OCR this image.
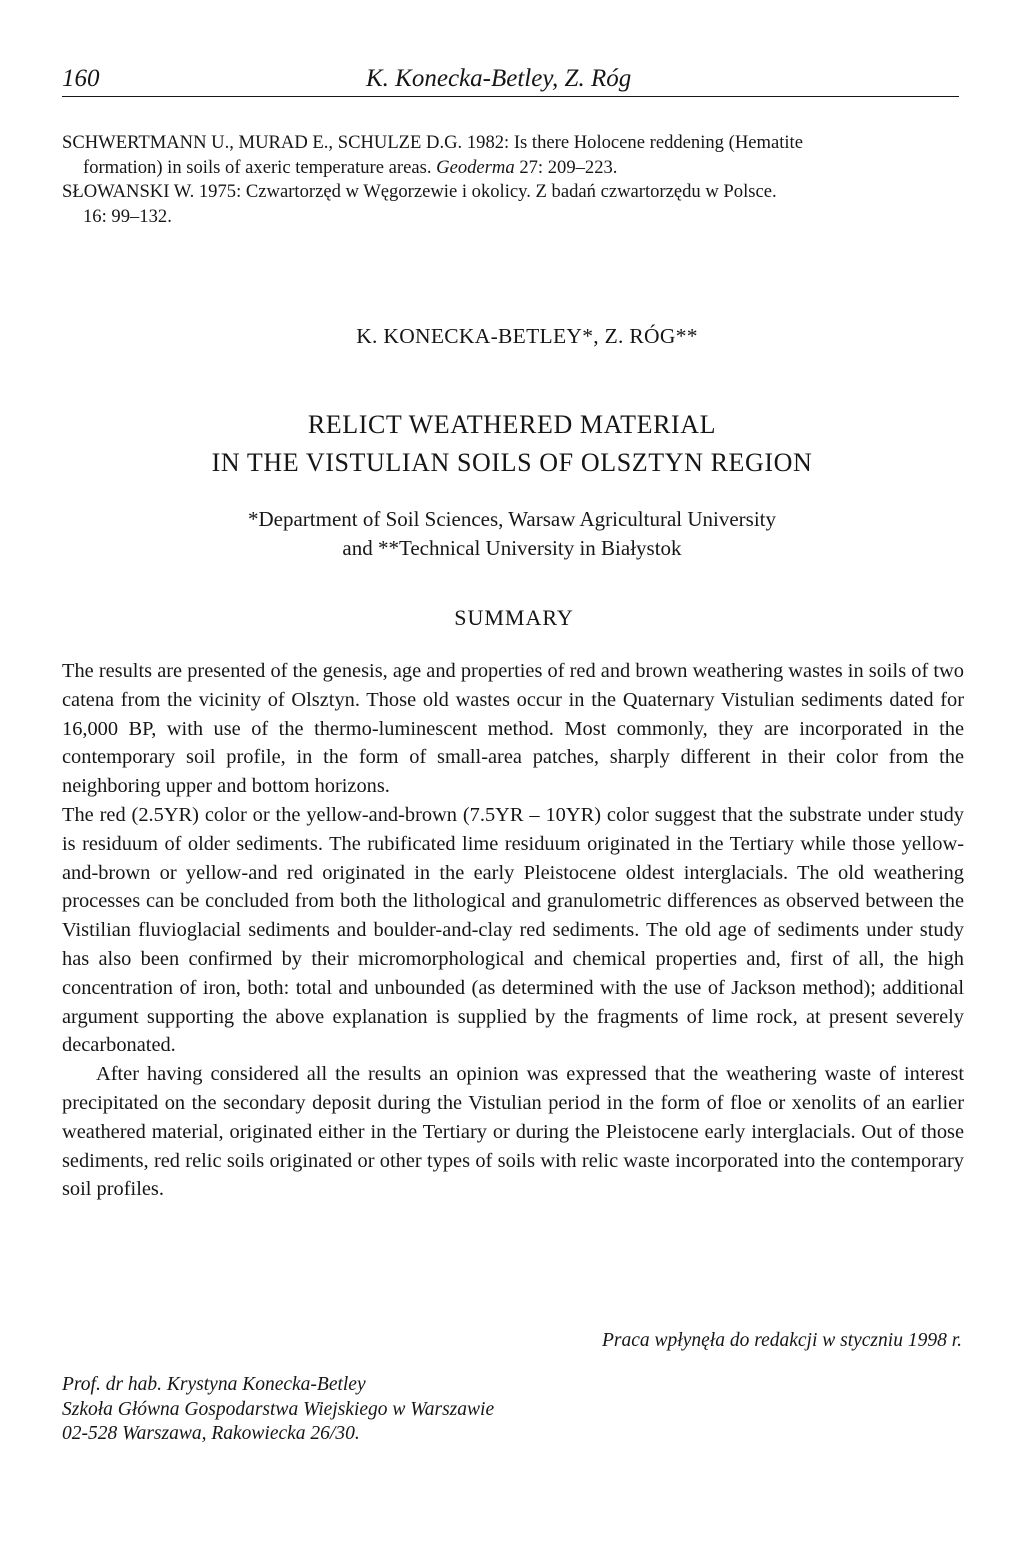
160	K. Konecka-Betley, Z. Róg
SCHWERTMANN U., MURAD E., SCHULZE D.G. 1982: Is there Holocene reddening (Hematite
formation) in soils of axeric temperature areas. Geoderma 27: 209–223.
SŁOWANSKI W. 1975: Czwartorzęd w Węgorzewie i okolicy. Z badań czwartorzędu w Polsce.
16: 99–132.
K. KONECKA-BETLEY*, Z. RÓG**
RELICT WEATHERED MATERIAL
IN THE VISTULIAN SOILS OF OLSZTYN REGION
*Department of Soil Sciences, Warsaw Agricultural University
and **Technical University in Białystok
SUMMARY

The results are presented of the genesis, age and properties of red and brown weathering wastes in soils of two catena from the vicinity of Olsztyn. Those old wastes occur in the Quaternary Vistulian sediments dated for 16,000 BP, with use of the thermo-luminescent method. Most commonly, they are incorporated in the contemporary soil profile, in the form of small-area patches, sharply different in their color from the neighboring upper and bottom horizons.

The red (2.5YR) color or the yellow-and-brown (7.5YR – 10YR) color suggest that the substrate under study is residuum of older sediments. The rubificated lime residuum originated in the Tertiary while those yellow-and-brown or yellow-and red originated in the early Pleistocene oldest interglacials. The old weathering processes can be concluded from both the lithological and granulometric differences as observed between the Vistilian fluvioglacial sediments and boulder-and-clay red sediments. The old age of sediments under study has also been confirmed by their micromorphological and chemical properties and, first of all, the high concentration of iron, both: total and unbounded (as determined with the use of Jackson method); additional argument supporting the above explanation is supplied by the fragments of lime rock, at present severely decarbonated.

After having considered all the results an opinion was expressed that the weathering waste of interest precipitated on the secondary deposit during the Vistulian period in the form of floe or xenolits of an earlier weathered material, originated either in the Tertiary or during the Pleistocene early interglacials. Out of those sediments, red relic soils originated or other types of soils with relic waste incorporated into the contemporary soil profiles.

Praca wpłynęła do redakcji w styczniu 1998 r.
Prof. dr hab. Krystyna Konecka-Betley
Szkoła Główna Gospodarstwa Wiejskiego w Warszawie
02-528 Warszawa, Rakowiecka 26/30.
